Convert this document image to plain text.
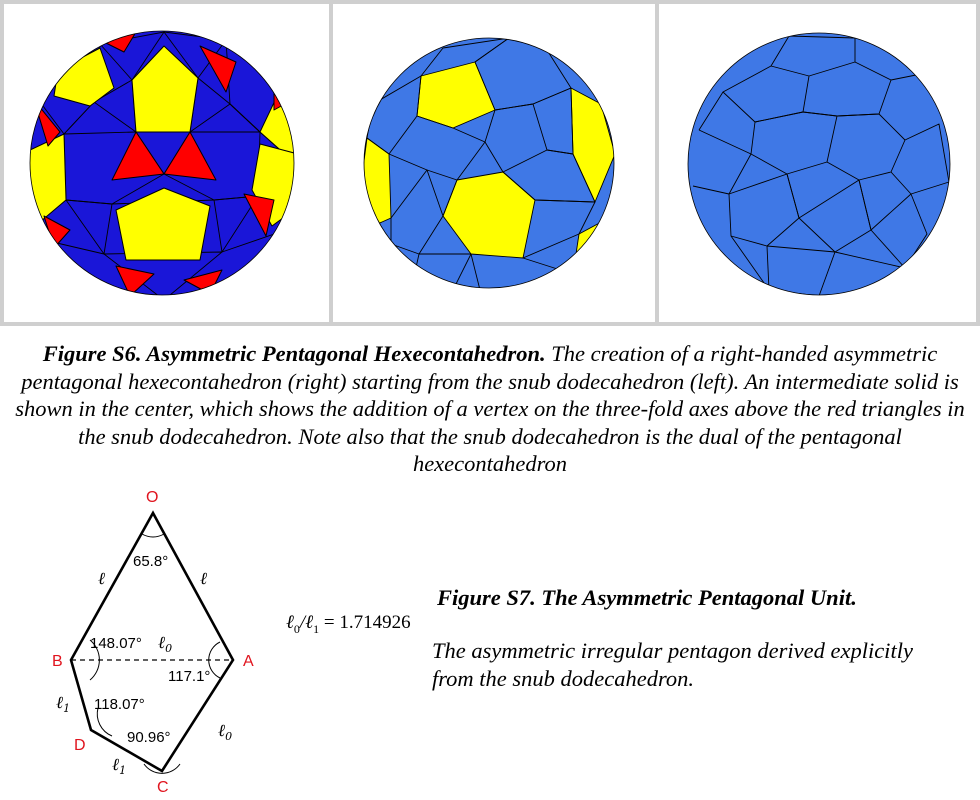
Figure S6. Asymmetric Pentagonal Hexecontahedron. The creation of a right-handed asymmetric pentagonal hexecontahedron (right) starting from the snub dodecahedron (left). An intermediate solid is shown in the center, which shows the addition of a vertex on the three-fold axes above the red triangles in the snub dodecahedron. Note also that the snub dodecahedron is the dual of the pentagonal hexecontahedron

O
A
B
C
D
65.8°
148.07°
117.1°
118.07°
90.96°
ℓ	ℓ
ℓ$_0$
ℓ$_1$
ℓ$_0$
ℓ$_1$
ℓ$_0$/ℓ$_1$ = 1.714926

Figure S7. The Asymmetric Pentagonal Unit.

The asymmetric irregular pentagon derived explicitly from the snub dodecahedron.
